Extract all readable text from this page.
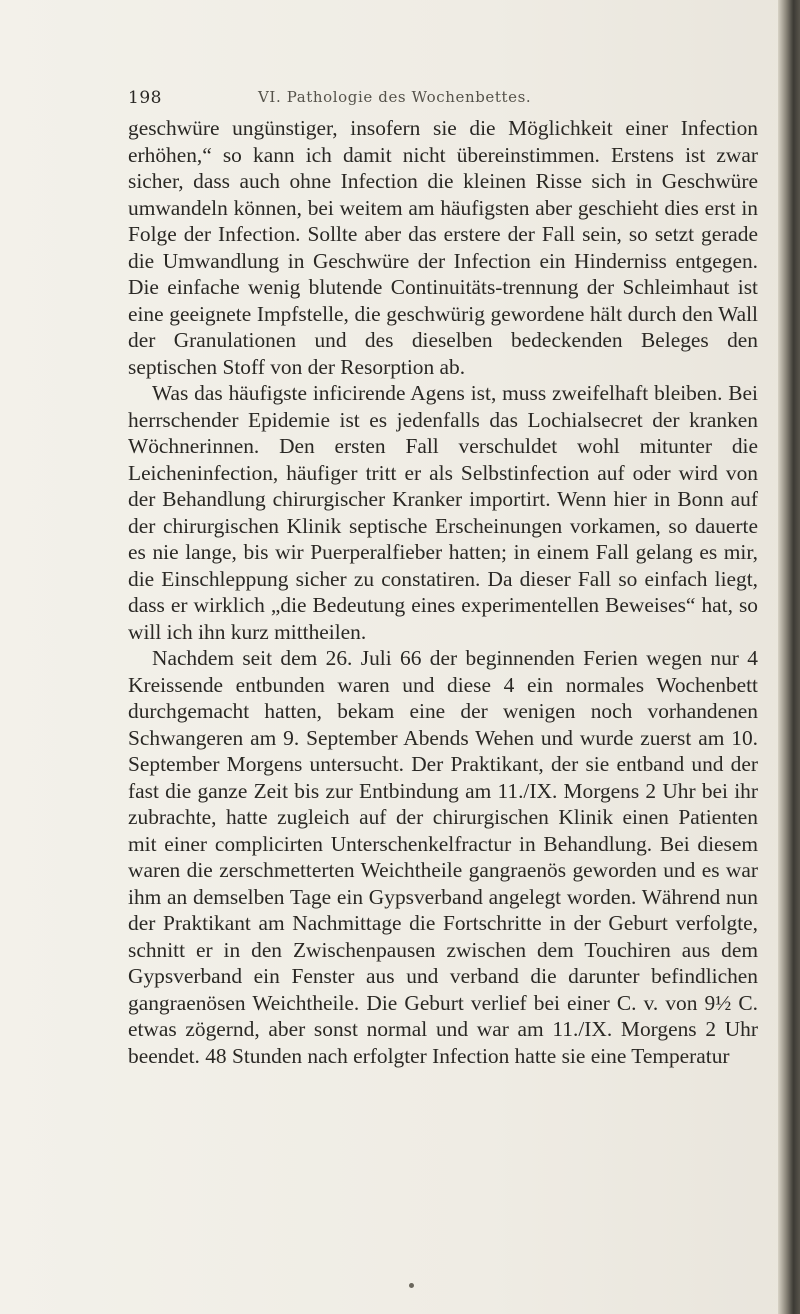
198	VI. Pathologie des Wochenbettes.

geschwüre ungünstiger, insofern sie die Möglichkeit einer Infection erhöhen,“ so kann ich damit nicht übereinstimmen. Erstens ist zwar sicher, dass auch ohne Infection die kleinen Risse sich in Geschwüre umwandeln können, bei weitem am häufigsten aber geschieht dies erst in Folge der Infection. Sollte aber das erstere der Fall sein, so setzt gerade die Umwandlung in Geschwüre der Infection ein Hinderniss entgegen. Die einfache wenig blutende Continuitäts-trennung der Schleimhaut ist eine geeignete Impfstelle, die geschwürig gewordene hält durch den Wall der Granulationen und des dieselben bedeckenden Beleges den septischen Stoff von der Resorption ab.

Was das häufigste inficirende Agens ist, muss zweifelhaft bleiben. Bei herrschender Epidemie ist es jedenfalls das Lochialsecret der kranken Wöchnerinnen. Den ersten Fall verschuldet wohl mitunter die Leicheninfection, häufiger tritt er als Selbstinfection auf oder wird von der Behandlung chirurgischer Kranker importirt. Wenn hier in Bonn auf der chirurgischen Klinik septische Erscheinungen vorkamen, so dauerte es nie lange, bis wir Puerperalfieber hatten; in einem Fall gelang es mir, die Einschleppung sicher zu constatiren. Da dieser Fall so einfach liegt, dass er wirklich „die Bedeutung eines experimentellen Beweises“ hat, so will ich ihn kurz mittheilen.

Nachdem seit dem 26. Juli 66 der beginnenden Ferien wegen nur 4 Kreissende entbunden waren und diese 4 ein normales Wochenbett durchgemacht hatten, bekam eine der wenigen noch vorhandenen Schwangeren am 9. September Abends Wehen und wurde zuerst am 10. September Morgens untersucht. Der Praktikant, der sie entband und der fast die ganze Zeit bis zur Entbindung am 11./IX. Morgens 2 Uhr bei ihr zubrachte, hatte zugleich auf der chirurgischen Klinik einen Patienten mit einer complicirten Unterschenkelfractur in Behandlung. Bei diesem waren die zerschmetterten Weichtheile gangraenös geworden und es war ihm an demselben Tage ein Gypsverband angelegt worden. Während nun der Praktikant am Nachmittage die Fortschritte in der Geburt verfolgte, schnitt er in den Zwischenpausen zwischen dem Touchiren aus dem Gypsverband ein Fenster aus und verband die darunter befindlichen gangraenösen Weichtheile. Die Geburt verlief bei einer C. v. von 9½ C. etwas zögernd, aber sonst normal und war am 11./IX. Morgens 2 Uhr beendet. 48 Stunden nach erfolgter Infection hatte sie eine Temperatur
